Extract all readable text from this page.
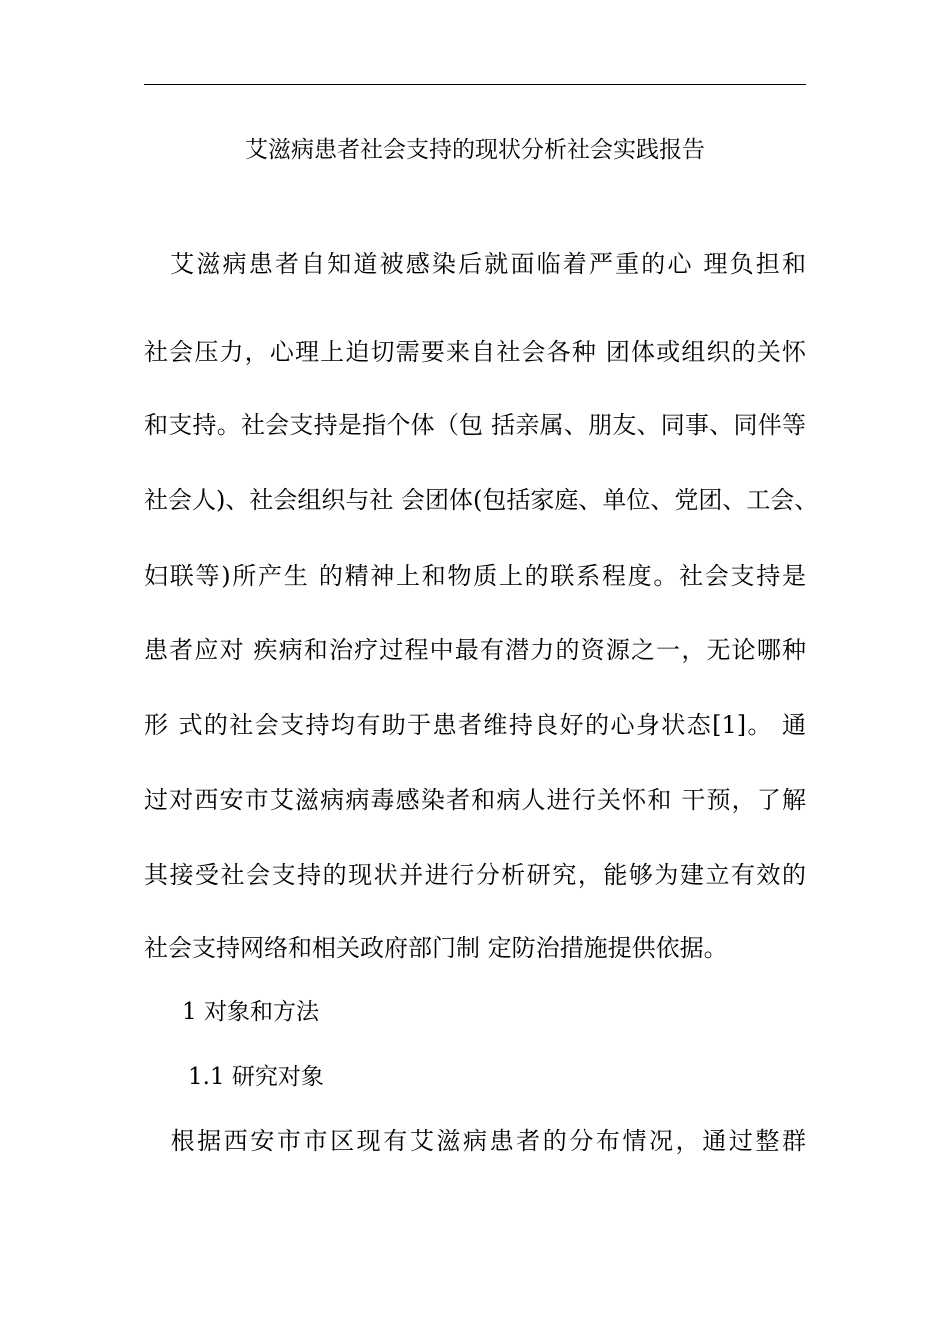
艾滋病患者社会支持的现状分析社会实践报告
　艾滋病患者自知道被感染后就面临着严重的心 理负担和
社会压力，心理上迫切需要来自社会各种 团体或组织的关怀
和支持。社会支持是指个体（包 括亲属、朋友、同事、同伴等
社会人)、社会组织与社 会团体(包括家庭、单位、党团、工会、
妇联等)所产生 的精神上和物质上的联系程度。社会支持是
患者应对 疾病和治疗过程中最有潜力的资源之一，无论哪种
形 式的社会支持均有助于患者维持良好的心身状态[1]。 通
过对西安市艾滋病病毒感染者和病人进行关怀和 干预，了解
其接受社会支持的现状并进行分析研究，能够为建立有效的
社会支持网络和相关政府部门制 定防治措施提供依据。
1 对象和方法
1.1 研究对象
　根据西安市市区现有艾滋病患者的分布情况，通过整群
